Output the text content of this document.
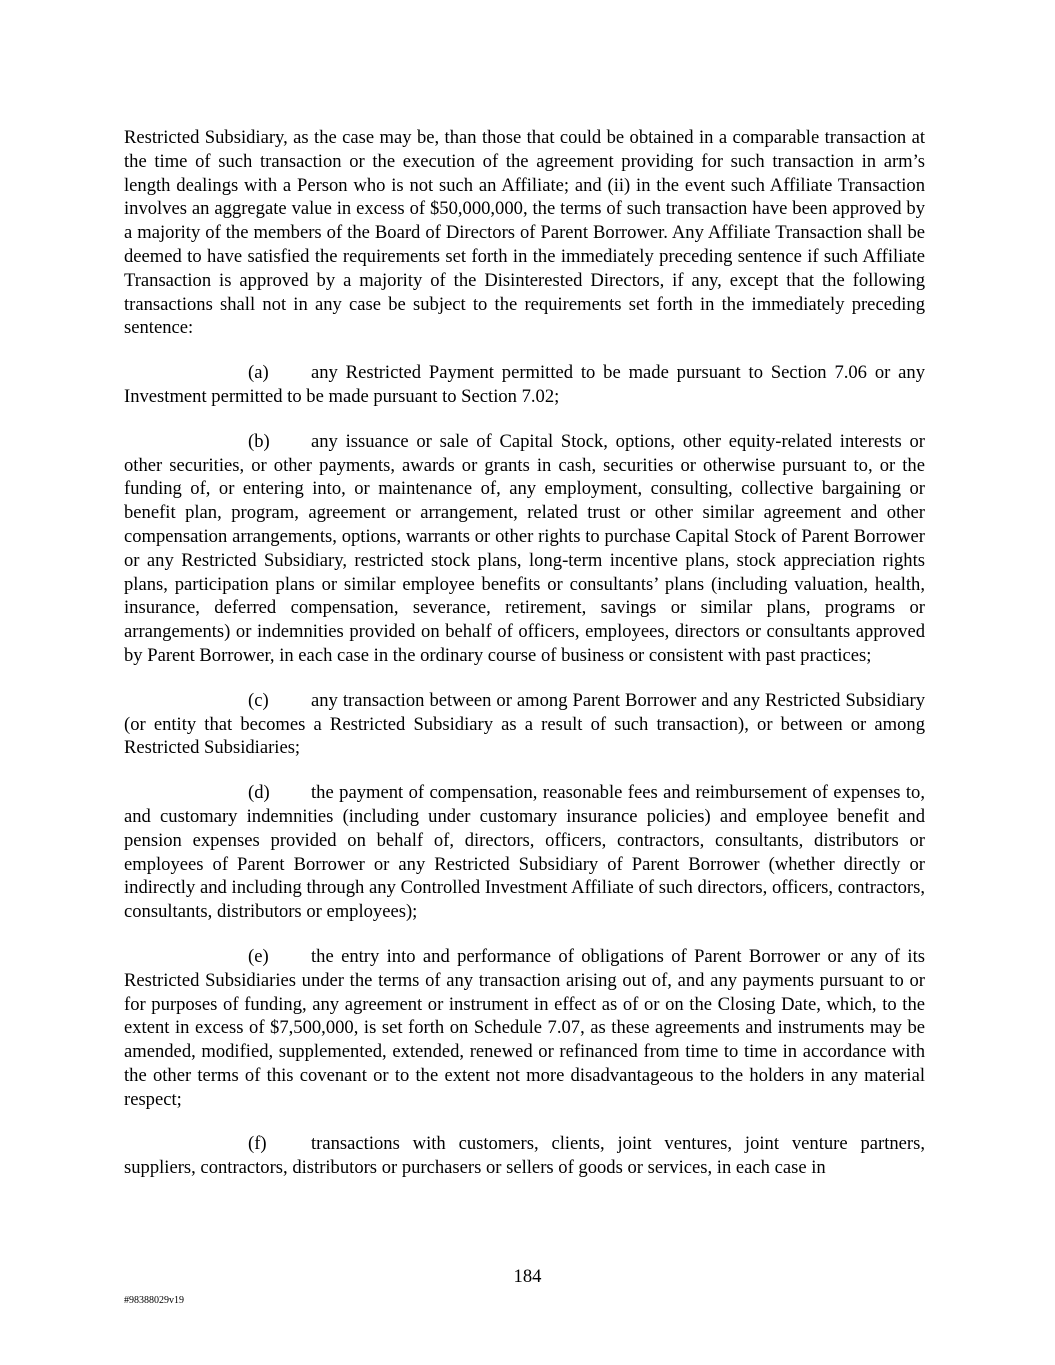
Restricted Subsidiary, as the case may be, than those that could be obtained in a comparable transaction at the time of such transaction or the execution of the agreement providing for such transaction in arm’s length dealings with a Person who is not such an Affiliate; and (ii) in the event such Affiliate Transaction involves an aggregate value in excess of $50,000,000, the terms of such transaction have been approved by a majority of the members of the Board of Directors of Parent Borrower. Any Affiliate Transaction shall be deemed to have satisfied the requirements set forth in the immediately preceding sentence if such Affiliate Transaction is approved by a majority of the Disinterested Directors, if any, except that the following transactions shall not in any case be subject to the requirements set forth in the immediately preceding sentence:

(a) any Restricted Payment permitted to be made pursuant to Section 7.06 or any Investment permitted to be made pursuant to Section 7.02;

(b) any issuance or sale of Capital Stock, options, other equity-related interests or other securities, or other payments, awards or grants in cash, securities or otherwise pursuant to, or the funding of, or entering into, or maintenance of, any employment, consulting, collective bargaining or benefit plan, program, agreement or arrangement, related trust or other similar agreement and other compensation arrangements, options, warrants or other rights to purchase Capital Stock of Parent Borrower or any Restricted Subsidiary, restricted stock plans, long-term incentive plans, stock appreciation rights plans, participation plans or similar employee benefits or consultants’ plans (including valuation, health, insurance, deferred compensation, severance, retirement, savings or similar plans, programs or arrangements) or indemnities provided on behalf of officers, employees, directors or consultants approved by Parent Borrower, in each case in the ordinary course of business or consistent with past practices;

(c) any transaction between or among Parent Borrower and any Restricted Subsidiary (or entity that becomes a Restricted Subsidiary as a result of such transaction), or between or among Restricted Subsidiaries;

(d) the payment of compensation, reasonable fees and reimbursement of expenses to, and customary indemnities (including under customary insurance policies) and employee benefit and pension expenses provided on behalf of, directors, officers, contractors, consultants, distributors or employees of Parent Borrower or any Restricted Subsidiary of Parent Borrower (whether directly or indirectly and including through any Controlled Investment Affiliate of such directors, officers, contractors, consultants, distributors or employees);

(e) the entry into and performance of obligations of Parent Borrower or any of its Restricted Subsidiaries under the terms of any transaction arising out of, and any payments pursuant to or for purposes of funding, any agreement or instrument in effect as of or on the Closing Date, which, to the extent in excess of $7,500,000, is set forth on Schedule 7.07, as these agreements and instruments may be amended, modified, supplemented, extended, renewed or refinanced from time to time in accordance with the other terms of this covenant or to the extent not more disadvantageous to the holders in any material respect;

(f) transactions with customers, clients, joint ventures, joint venture partners, suppliers, contractors, distributors or purchasers or sellers of goods or services, in each case in

184
#98388029v19
